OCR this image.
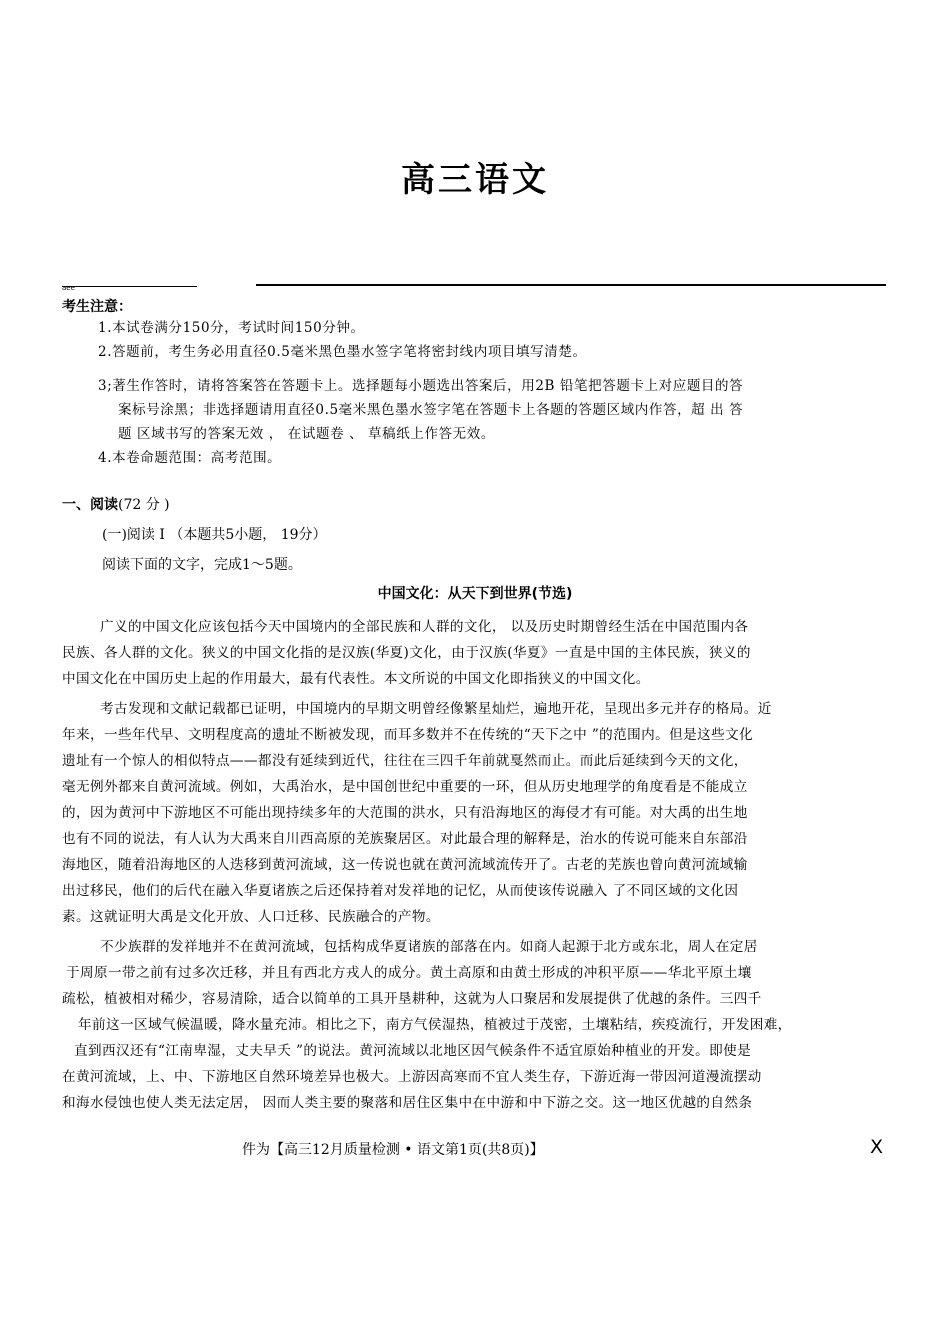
高三语文
aee
考生注意：
1.本试卷满分150分，考试时间150分钟。
2.答题前，考生务必用直径0.5毫米黑色墨水签字笔将密封线内项目填写清楚。
3;著生作答时，请将答案答在答题卡上。选择题每小题选出答案后，用2B 铅笔把答题卡上对应题目的答
案标号涂黑；非选择题请用直径0.5毫米黑色墨水签字笔在答题卡上各题的答题区域内作答，超 出 答
题 区域书写的答案无效 ， 在试题卷 、 草稿纸上作答无效。
4.本卷命题范围：高考范围。
一、阅读(72 分 )
(一)阅读 I （本题共5小题， 19分）
阅读下面的文字，完成1～5题。
中国文化：从天下到世界(节选)
广义的中国文化应该包括今天中国境内的全部民族和人群的文化， 以及历史时期曾经生活在中国范围内各
民族、各人群的文化。狭义的中国文化指的是汉族(华夏)文化，由于汉族(华夏》一直是中国的主体民族，狭义的
中国文化在中国历史上起的作用最大，最有代表性。本文所说的中国文化即指狭义的中国文化。
考古发现和文献记载都已证明，中国境内的早期文明曾经像繁星灿烂，遍地开花，呈现出多元并存的格局。近
年来，一些年代早、文明程度高的遗址不断被发现，而耳多数并不在传统的“天下之中 ”的范围内。但是这些文化
遗址有一个惊人的相似特点——都没有延续到近代，往往在三四千年前就戛然而止。而此后延续到今天的文化，
毫无例外都来自黄河流域。例如，大禹治水，是中国创世纪中重要的一环，但从历史地理学的角度看是不能成立
的，因为黄河中下游地区不可能出现持续多年的大范围的洪水，只有沿海地区的海侵才有可能。对大禹的出生地
也有不同的说法，有人认为大禹来自川西高原的羌族聚居区。对此最合理的解释是，治水的传说可能来自东部沿
海地区，随着沿海地区的人迭移到黄河流域，这一传说也就在黄河流域流传开了。古老的芜族也曾向黄河流域输
出过移民，他们的后代在融入华夏诸族之后还保持着对发祥地的记忆，从而使该传说融入 了不同区域的文化因
素。这就证明大禹是文化开放、人口迁移、民族融合的产物。
不少族群的发祥地并不在黄河流域，包括构成华夏诸族的部落在内。如商人起源于北方或东北，周人在定居
于周原一带之前有过多次迁移，并且有西北方戎人的成分。黄土高原和由黄土形成的冲积平原——华北平原土壤
疏松，植被相对稀少，容易清除，适合以简单的工具开垦耕种，这就为人口聚居和发展提供了优越的条件。三四千
年前这一区域气候温暖，降水量充沛。相比之下，南方气侯湿热，植被过于茂密，土壤粘结，疾疫流行，开发困难，
直到西汉还有“江南卑湿，丈夫早夭 ”的说法。黄河流域以北地区因气候条件不适宜原始种植业的开发。即使是
在黄河流域，上、中、下游地区自然环境差异也极大。上游因高寒而不宜人类生存，下游近海一带因河道漫流摆动
和海水侵蚀也使人类无法定居， 因而人类主要的聚落和居住区集中在中游和中下游之交。这一地区优越的自然条
件为【高三12月质量检测 • 语文第1页(共8页)】	X
